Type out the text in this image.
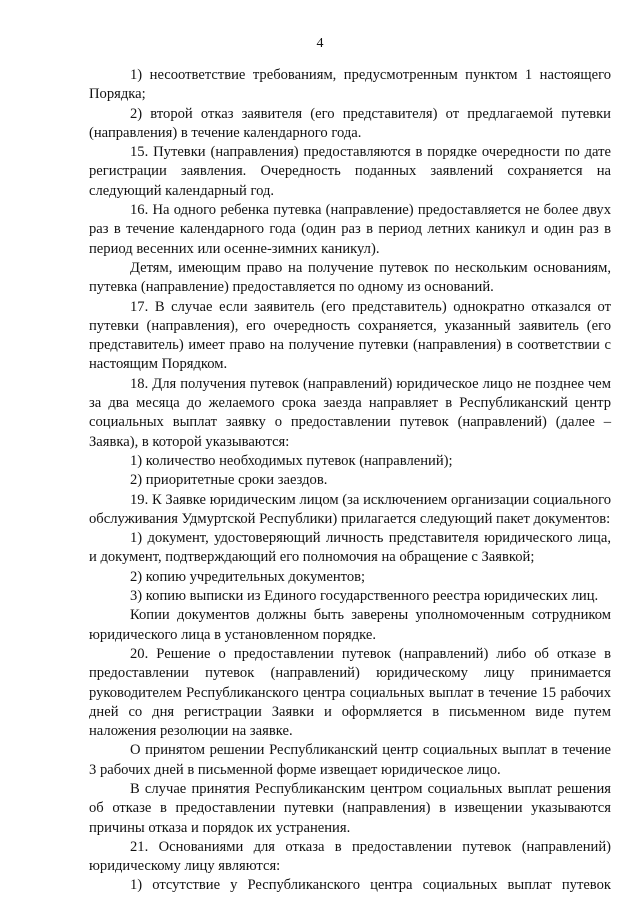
4

1) несоответствие требованиям, предусмотренным пунктом 1 настоящего Порядка;

2) второй отказ заявителя (его представителя) от предлагаемой путевки (направления) в течение календарного года.

15. Путевки (направления) предоставляются в порядке очередности по дате регистрации заявления. Очередность поданных заявлений сохраняется на следующий календарный год.

16. На одного ребенка путевка (направление) предоставляется не более двух раз в течение календарного года (один раз в период летних каникул и один раз в период весенних или осенне-зимних каникул).

Детям, имеющим право на получение путевок по нескольким основаниям, путевка (направление) предоставляется по одному из оснований.

17. В случае если заявитель (его представитель) однократно отказался от путевки (направления), его очередность сохраняется, указанный заявитель (его представитель) имеет право на получение путевки (направления) в соответствии с настоящим Порядком.

18. Для получения путевок (направлений) юридическое лицо не позднее чем за два месяца до желаемого срока заезда направляет в Республиканский центр социальных выплат заявку о предоставлении путевок (направлений) (далее – Заявка), в которой указываются:

1) количество необходимых путевок (направлений);

2) приоритетные сроки заездов.

19. К Заявке юридическим лицом (за исключением организации социального обслуживания Удмуртской Республики) прилагается следующий пакет документов:

1) документ, удостоверяющий личность представителя юридического лица, и документ, подтверждающий его полномочия на обращение с Заявкой;

2) копию учредительных документов;

3) копию выписки из Единого государственного реестра юридических лиц.

Копии документов должны быть заверены уполномоченным сотрудником юридического лица в установленном порядке.

20. Решение о предоставлении путевок (направлений) либо об отказе в предоставлении путевок (направлений) юридическому лицу принимается руководителем Республиканского центра социальных выплат в течение 15 рабочих дней со дня регистрации Заявки и оформляется в письменном виде путем наложения резолюции на заявке.

О принятом решении Республиканский центр социальных выплат в течение 3 рабочих дней в письменной форме извещает юридическое лицо.

В случае принятия Республиканским центром социальных выплат решения об отказе в предоставлении путевки (направления) в извещении указываются причины отказа и порядок их устранения.

21. Основаниями для отказа в предоставлении путевок (направлений) юридическому лицу являются:

1) отсутствие у Республиканского центра социальных выплат путевок
